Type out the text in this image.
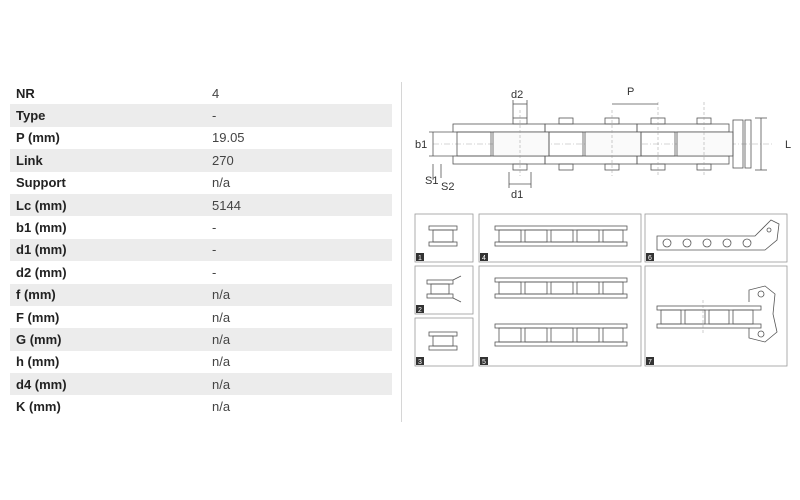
NR	4
Type	-
P (mm)	19.05
Link	270
Support	n/a
Lc (mm)	5144
b1 (mm)	-
d1 (mm)	-
d2 (mm)	-
f (mm)	n/a
F (mm)	n/a
G (mm)	n/a
h (mm)	n/a
d4 (mm)	n/a
K (mm)	n/a
d2	P
b1	L
S1 S2
d1
1
2
3
4
5
6
7
